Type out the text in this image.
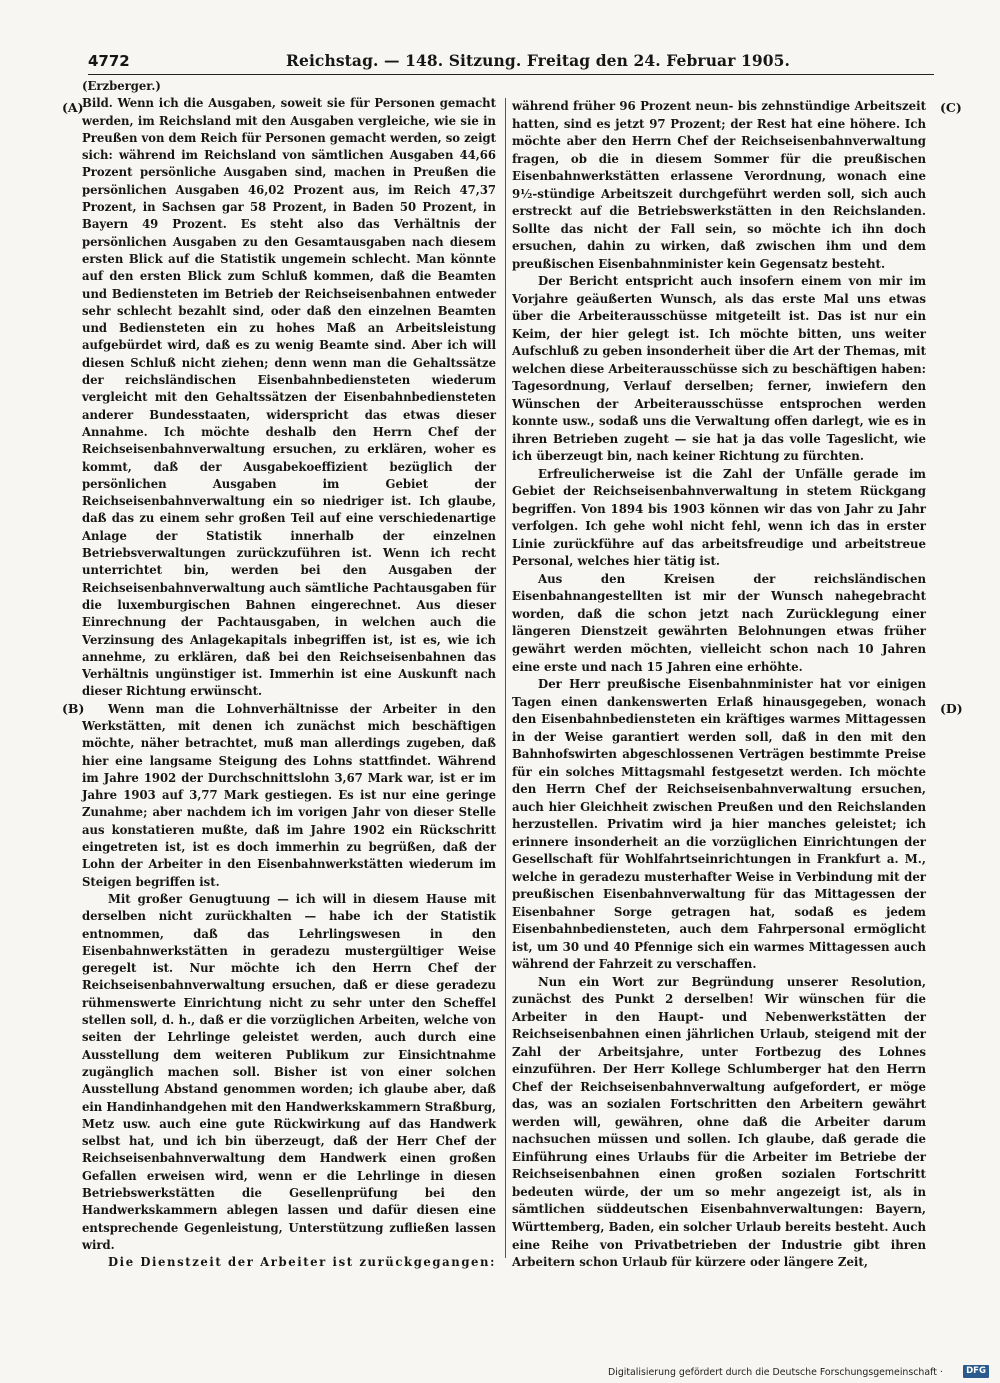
4772	Reichstag. — 148. Sitzung. Freitag den 24. Februar 1905.
(A)
(B)
(C)
(D)

(Erzberger.)

Bild. Wenn ich die Ausgaben, soweit sie für Personen gemacht werden, im Reichsland mit den Ausgaben vergleiche, wie sie in Preußen von dem Reich für Personen gemacht werden, so zeigt sich: während im Reichsland von sämtlichen Ausgaben 44,66 Prozent persönliche Ausgaben sind, machen in Preußen die persönlichen Ausgaben 46,02 Prozent aus, im Reich 47,37 Prozent, in Sachsen gar 58 Prozent, in Baden 50 Prozent, in Bayern 49 Prozent. Es steht also das Verhältnis der persönlichen Ausgaben zu den Gesamtausgaben nach diesem ersten Blick auf die Statistik ungemein schlecht. Man könnte auf den ersten Blick zum Schluß kommen, daß die Beamten und Bediensteten im Betrieb der Reichseisenbahnen entweder sehr schlecht bezahlt sind, oder daß den einzelnen Beamten und Bediensteten ein zu hohes Maß an Arbeitsleistung aufgebürdet wird, daß es zu wenig Beamte sind. Aber ich will diesen Schluß nicht ziehen; denn wenn man die Gehaltssätze der reichsländischen Eisenbahnbediensteten wiederum vergleicht mit den Gehaltssätzen der Eisenbahnbediensteten anderer Bundesstaaten, widerspricht das etwas dieser Annahme. Ich möchte deshalb den Herrn Chef der Reichseisenbahnverwaltung ersuchen, zu erklären, woher es kommt, daß der Ausgabekoeffizient bezüglich der persönlichen Ausgaben im Gebiet der Reichseisenbahnverwaltung ein so niedriger ist. Ich glaube, daß das zu einem sehr großen Teil auf eine verschiedenartige Anlage der Statistik innerhalb der einzelnen Betriebsverwaltungen zurückzuführen ist. Wenn ich recht unterrichtet bin, werden bei den Ausgaben der Reichseisenbahnverwaltung auch sämtliche Pachtausgaben für die luxemburgischen Bahnen eingerechnet. Aus dieser Einrechnung der Pachtausgaben, in welchen auch die Verzinsung des Anlagekapitals inbegriffen ist, ist es, wie ich annehme, zu erklären, daß bei den Reichseisenbahnen das Verhältnis ungünstiger ist. Immerhin ist eine Auskunft nach dieser Richtung erwünscht.

Wenn man die Lohnverhältnisse der Arbeiter in den Werkstätten, mit denen ich zunächst mich beschäftigen möchte, näher betrachtet, muß man allerdings zugeben, daß hier eine langsame Steigung des Lohns stattfindet. Während im Jahre 1902 der Durchschnittslohn 3,67 Mark war, ist er im Jahre 1903 auf 3,77 Mark gestiegen. Es ist nur eine geringe Zunahme; aber nachdem ich im vorigen Jahr von dieser Stelle aus konstatieren mußte, daß im Jahre 1902 ein Rückschritt eingetreten ist, ist es doch immerhin zu begrüßen, daß der Lohn der Arbeiter in den Eisenbahnwerkstätten wiederum im Steigen begriffen ist.

Mit großer Genugtuung — ich will in diesem Hause mit derselben nicht zurückhalten — habe ich der Statistik entnommen, daß das Lehrlingswesen in den Eisenbahnwerkstätten in geradezu mustergültiger Weise geregelt ist. Nur möchte ich den Herrn Chef der Reichseisenbahnverwaltung ersuchen, daß er diese geradezu rühmenswerte Einrichtung nicht zu sehr unter den Scheffel stellen soll, d. h., daß er die vorzüglichen Arbeiten, welche von seiten der Lehrlinge geleistet werden, auch durch eine Ausstellung dem weiteren Publikum zur Einsichtnahme zugänglich machen soll. Bisher ist von einer solchen Ausstellung Abstand genommen worden; ich glaube aber, daß ein Handinhandgehen mit den Handwerkskammern Straßburg, Metz usw. auch eine gute Rückwirkung auf das Handwerk selbst hat, und ich bin überzeugt, daß der Herr Chef der Reichseisenbahnverwaltung dem Handwerk einen großen Gefallen erweisen wird, wenn er die Lehrlinge in diesen Betriebswerkstätten die Gesellenprüfung bei den Handwerkskammern ablegen lassen und dafür diesen eine entsprechende Gegenleistung, Unterstützung zufließen lassen wird.

Die Dienstzeit der Arbeiter ist zurückgegangen:

während früher 96 Prozent neun- bis zehnstündige Arbeitszeit hatten, sind es jetzt 97 Prozent; der Rest hat eine höhere. Ich möchte aber den Herrn Chef der Reichseisenbahnverwaltung fragen, ob die in diesem Sommer für die preußischen Eisenbahnwerkstätten erlassene Verordnung, wonach eine 9½-stündige Arbeitszeit durchgeführt werden soll, sich auch erstreckt auf die Betriebswerkstätten in den Reichslanden. Sollte das nicht der Fall sein, so möchte ich ihn doch ersuchen, dahin zu wirken, daß zwischen ihm und dem preußischen Eisenbahnminister kein Gegensatz besteht.

Der Bericht entspricht auch insofern einem von mir im Vorjahre geäußerten Wunsch, als das erste Mal uns etwas über die Arbeiterausschüsse mitgeteilt ist. Das ist nur ein Keim, der hier gelegt ist. Ich möchte bitten, uns weiter Aufschluß zu geben insonderheit über die Art der Themas, mit welchen diese Arbeiterausschüsse sich zu beschäftigen haben: Tagesordnung, Verlauf derselben; ferner, inwiefern den Wünschen der Arbeiterausschüsse entsprochen werden konnte usw., sodaß uns die Verwaltung offen darlegt, wie es in ihren Betrieben zugeht — sie hat ja das volle Tageslicht, wie ich überzeugt bin, nach keiner Richtung zu fürchten.

Erfreulicherweise ist die Zahl der Unfälle gerade im Gebiet der Reichseisenbahnverwaltung in stetem Rückgang begriffen. Von 1894 bis 1903 können wir das von Jahr zu Jahr verfolgen. Ich gehe wohl nicht fehl, wenn ich das in erster Linie zurückführe auf das arbeitsfreudige und arbeitstreue Personal, welches hier tätig ist.

Aus den Kreisen der reichsländischen Eisenbahnangestellten ist mir der Wunsch nahegebracht worden, daß die schon jetzt nach Zurücklegung einer längeren Dienstzeit gewährten Belohnungen etwas früher gewährt werden möchten, vielleicht schon nach 10 Jahren eine erste und nach 15 Jahren eine erhöhte.

Der Herr preußische Eisenbahnminister hat vor einigen Tagen einen dankenswerten Erlaß hinausgegeben, wonach den Eisenbahnbediensteten ein kräftiges warmes Mittagessen in der Weise garantiert werden soll, daß in den mit den Bahnhofswirten abgeschlossenen Verträgen bestimmte Preise für ein solches Mittagsmahl festgesetzt werden. Ich möchte den Herrn Chef der Reichseisenbahnverwaltung ersuchen, auch hier Gleichheit zwischen Preußen und den Reichslanden herzustellen. Privatim wird ja hier manches geleistet; ich erinnere insonderheit an die vorzüglichen Einrichtungen der Gesellschaft für Wohlfahrtseinrichtungen in Frankfurt a. M., welche in geradezu musterhafter Weise in Verbindung mit der preußischen Eisenbahnverwaltung für das Mittagessen der Eisenbahner Sorge getragen hat, sodaß es jedem Eisenbahnbediensteten, auch dem Fahrpersonal ermöglicht ist, um 30 und 40 Pfennige sich ein warmes Mittagessen auch während der Fahrzeit zu verschaffen.

Nun ein Wort zur Begründung unserer Resolution, zunächst des Punkt 2 derselben! Wir wünschen für die Arbeiter in den Haupt- und Nebenwerkstätten der Reichseisenbahnen einen jährlichen Urlaub, steigend mit der Zahl der Arbeitsjahre, unter Fortbezug des Lohnes einzuführen. Der Herr Kollege Schlumberger hat den Herrn Chef der Reichseisenbahnverwaltung aufgefordert, er möge das, was an sozialen Fortschritten den Arbeitern gewährt werden will, gewähren, ohne daß die Arbeiter darum nachsuchen müssen und sollen. Ich glaube, daß gerade die Einführung eines Urlaubs für die Arbeiter im Betriebe der Reichseisenbahnen einen großen sozialen Fortschritt bedeuten würde, der um so mehr angezeigt ist, als in sämtlichen süddeutschen Eisenbahnverwaltungen: Bayern, Württemberg, Baden, ein solcher Urlaub bereits besteht. Auch eine Reihe von Privatbetrieben der Industrie gibt ihren Arbeitern schon Urlaub für kürzere oder längere Zeit,

Digitalisierung gefördert durch die Deutsche Forschungsgemeinschaft ·	DFG
